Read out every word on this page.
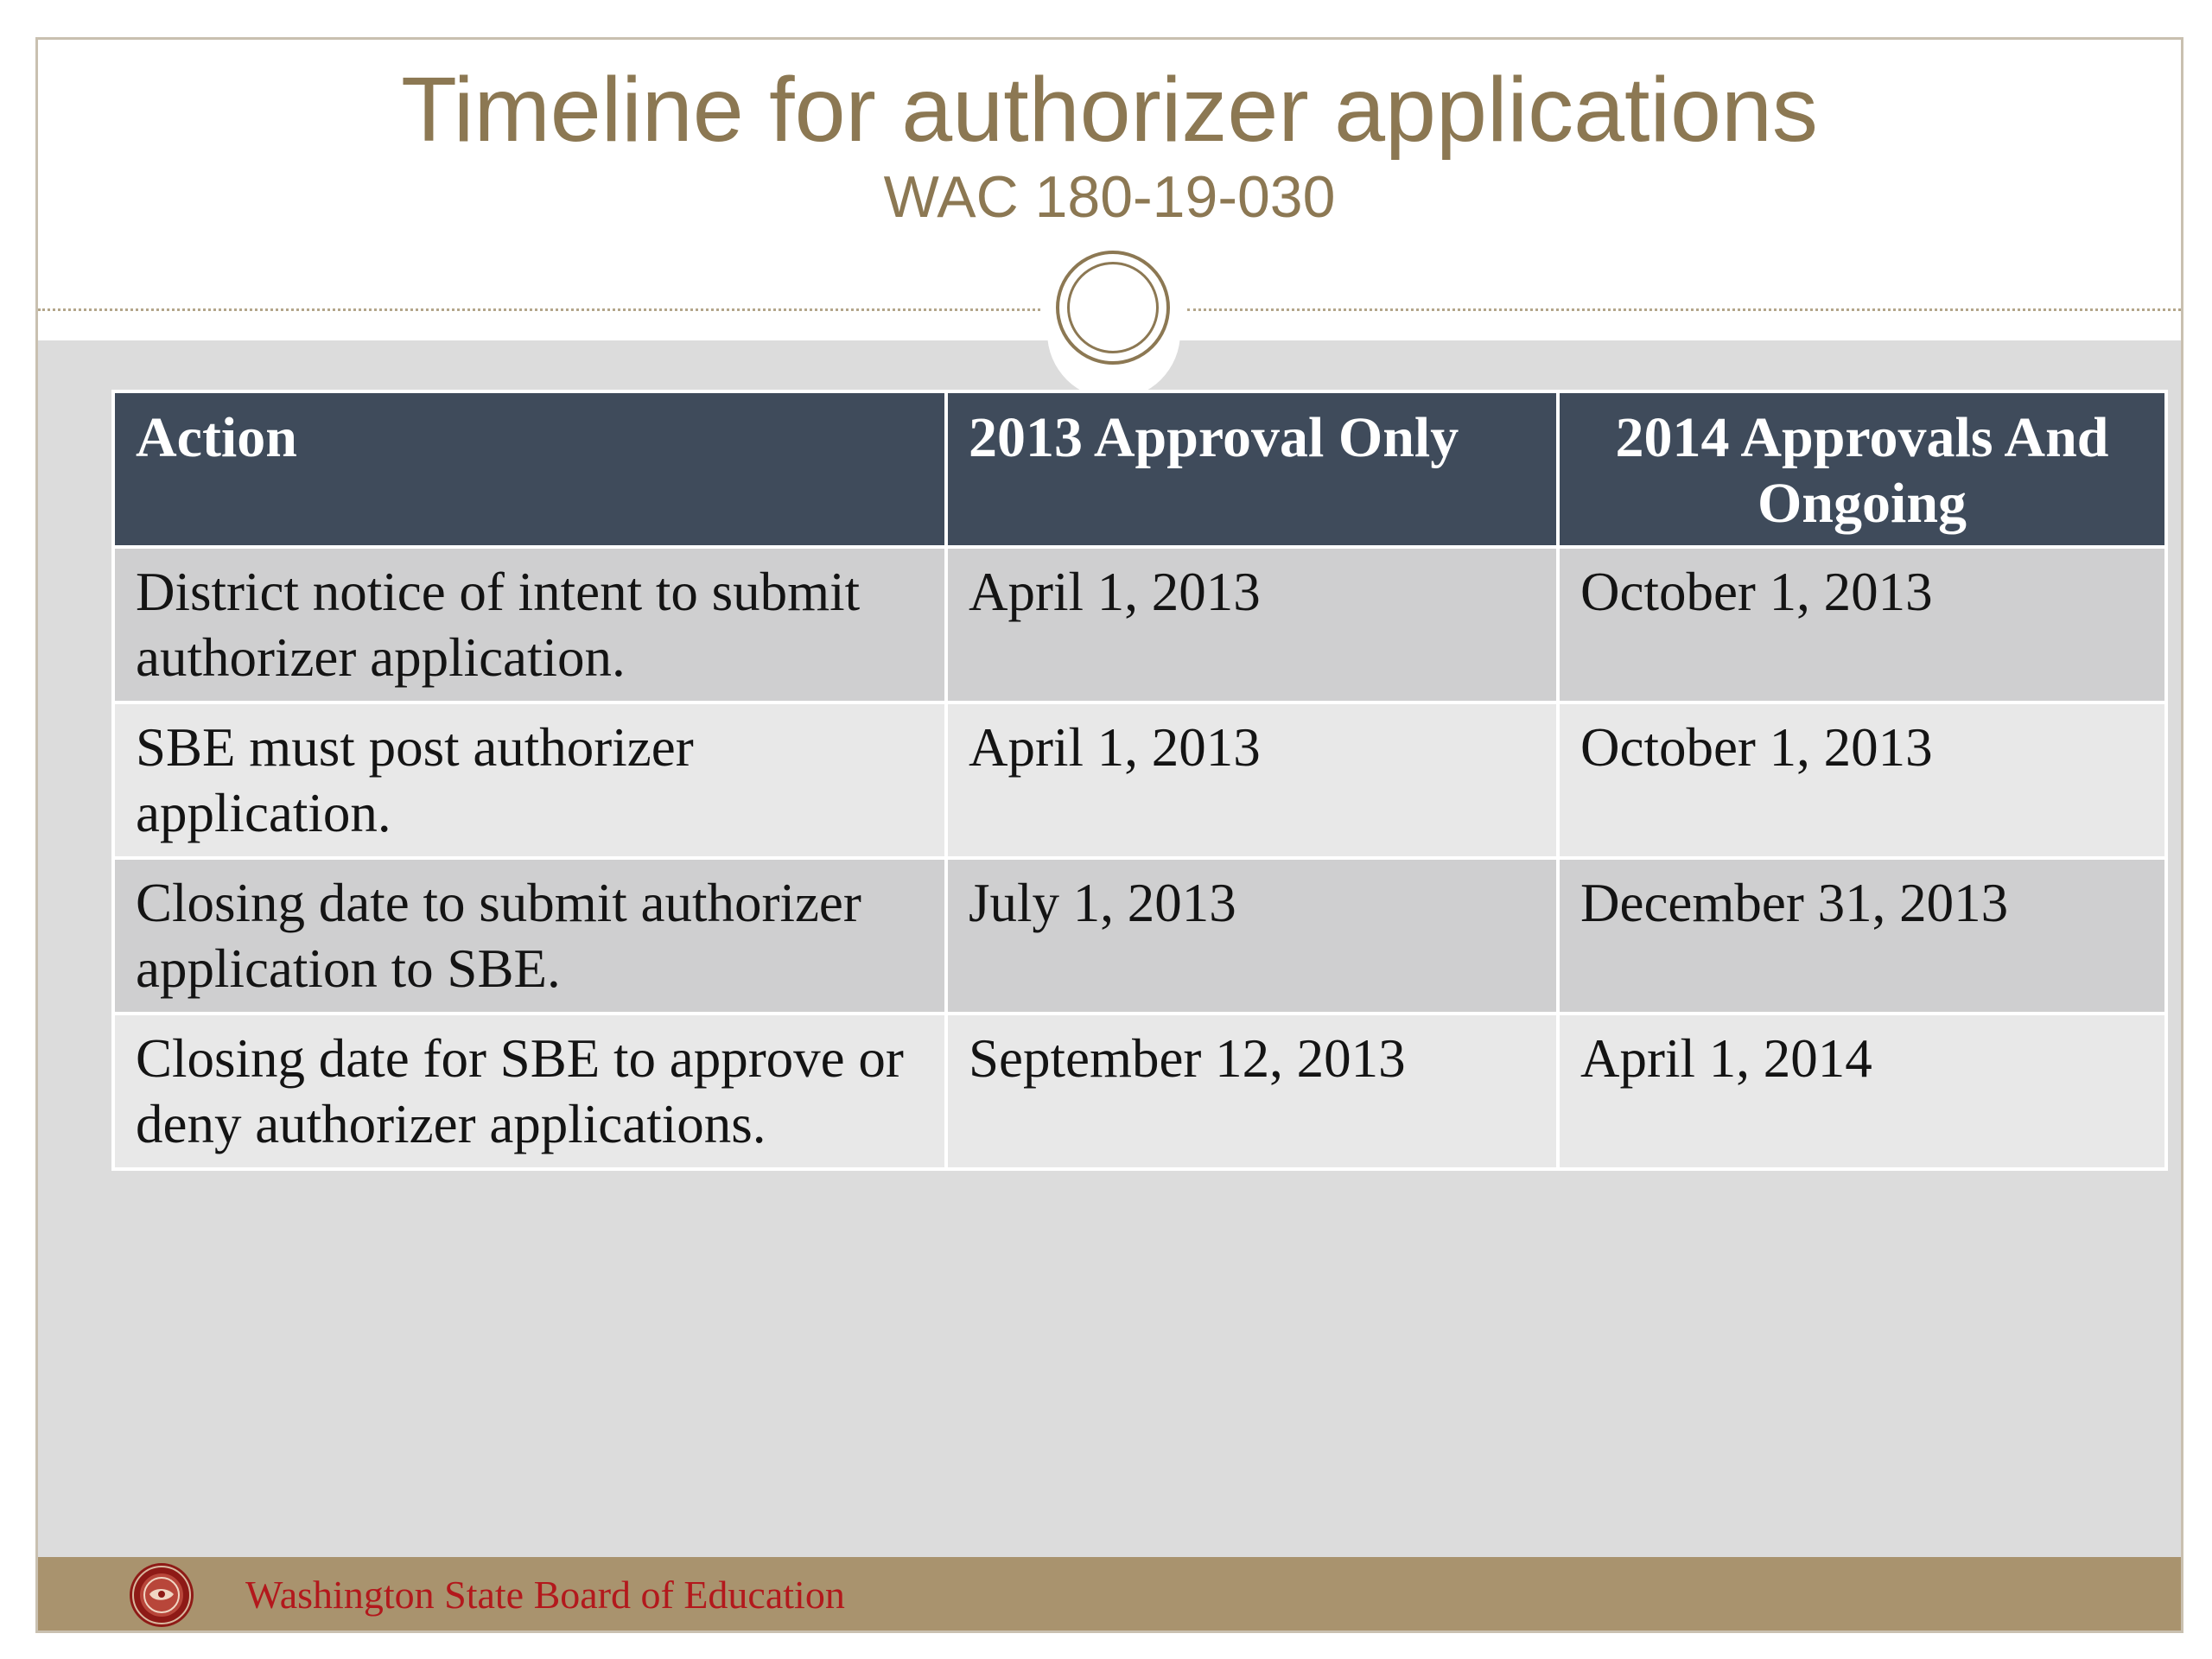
Timeline for authorizer applications
WAC 180-19-030
Action	2013 Approval Only	2014 Approvals And Ongoing
District notice of intent to submit authorizer application.	April 1, 2013	October 1, 2013
SBE must post authorizer application.	April 1, 2013	October 1, 2013
Closing date to submit authorizer application to SBE.	July 1, 2013	December 31, 2013
Closing date for SBE to approve or deny authorizer applications.	September 12, 2013	April 1, 2014
Washington State Board of Education
